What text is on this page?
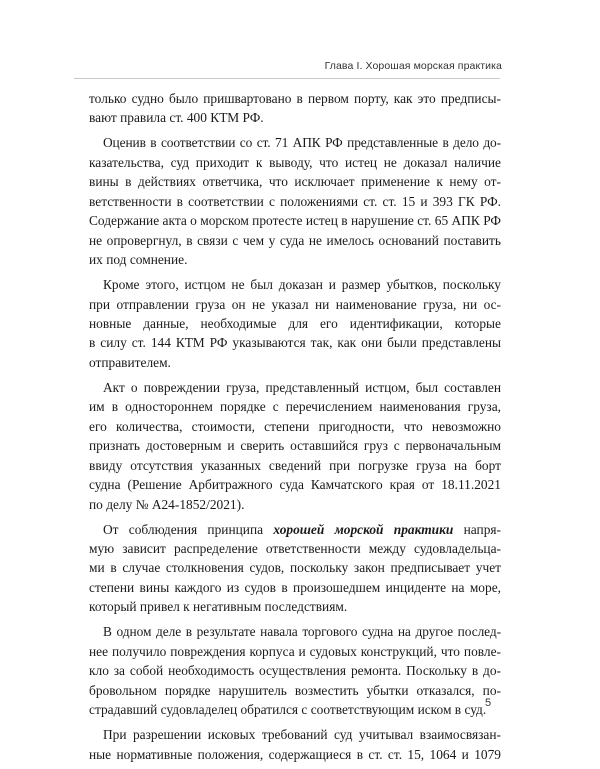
Глава I. Хорошая морская практика
только судно было пришвартовано в первом порту, как это предписы-
вают правила ст. 400 КТМ РФ.
Оценив в соответствии со ст. 71 АПК РФ представленные в дело до-
казательства, суд приходит к выводу, что истец не доказал наличие
вины в действиях ответчика, что исключает применение к нему от-
ветственности в соответствии с положениями ст. ст. 15 и 393 ГК РФ.
Содержание акта о морском протесте истец в нарушение ст. 65 АПК РФ
не опровергнул, в связи с чем у суда не имелось оснований поставить
их под сомнение.
Кроме этого, истцом не был доказан и размер убытков, поскольку
при отправлении груза он не указал ни наименование груза, ни ос-
новные данные, необходимые для его идентификации, которые
в силу ст. 144 КТМ РФ указываются так, как они были представлены
отправителем.
Акт о повреждении груза, представленный истцом, был составлен
им в одностороннем порядке с перечислением наименования груза,
его количества, стоимости, степени пригодности, что невозможно
признать достоверным и сверить оставшийся груз с первоначальным
ввиду отсутствия указанных сведений при погрузке груза на борт
судна (Решение Арбитражного суда Камчатского края от 18.11.2021
по делу № А24-1852/2021).
От соблюдения принципа хорошей морской практики напря-
мую зависит распределение ответственности между судовладельца-
ми в случае столкновения судов, поскольку закон предписывает учет
степени вины каждого из судов в произошедшем инциденте на море,
который привел к негативным последствиям.
В одном деле в результате навала торгового судна на другое послед-
нее получило повреждения корпуса и судовых конструкций, что повле-
кло за собой необходимость осуществления ремонта. Поскольку в до-
бровольном порядке нарушитель возместить убытки отказался, по-
страдавший судовладелец обратился с соответствующим иском в суд.
При разрешении исковых требований суд учитывал взаимосвязан-
ные нормативные положения, содержащиеся в ст. ст. 15, 1064 и 1079
5
